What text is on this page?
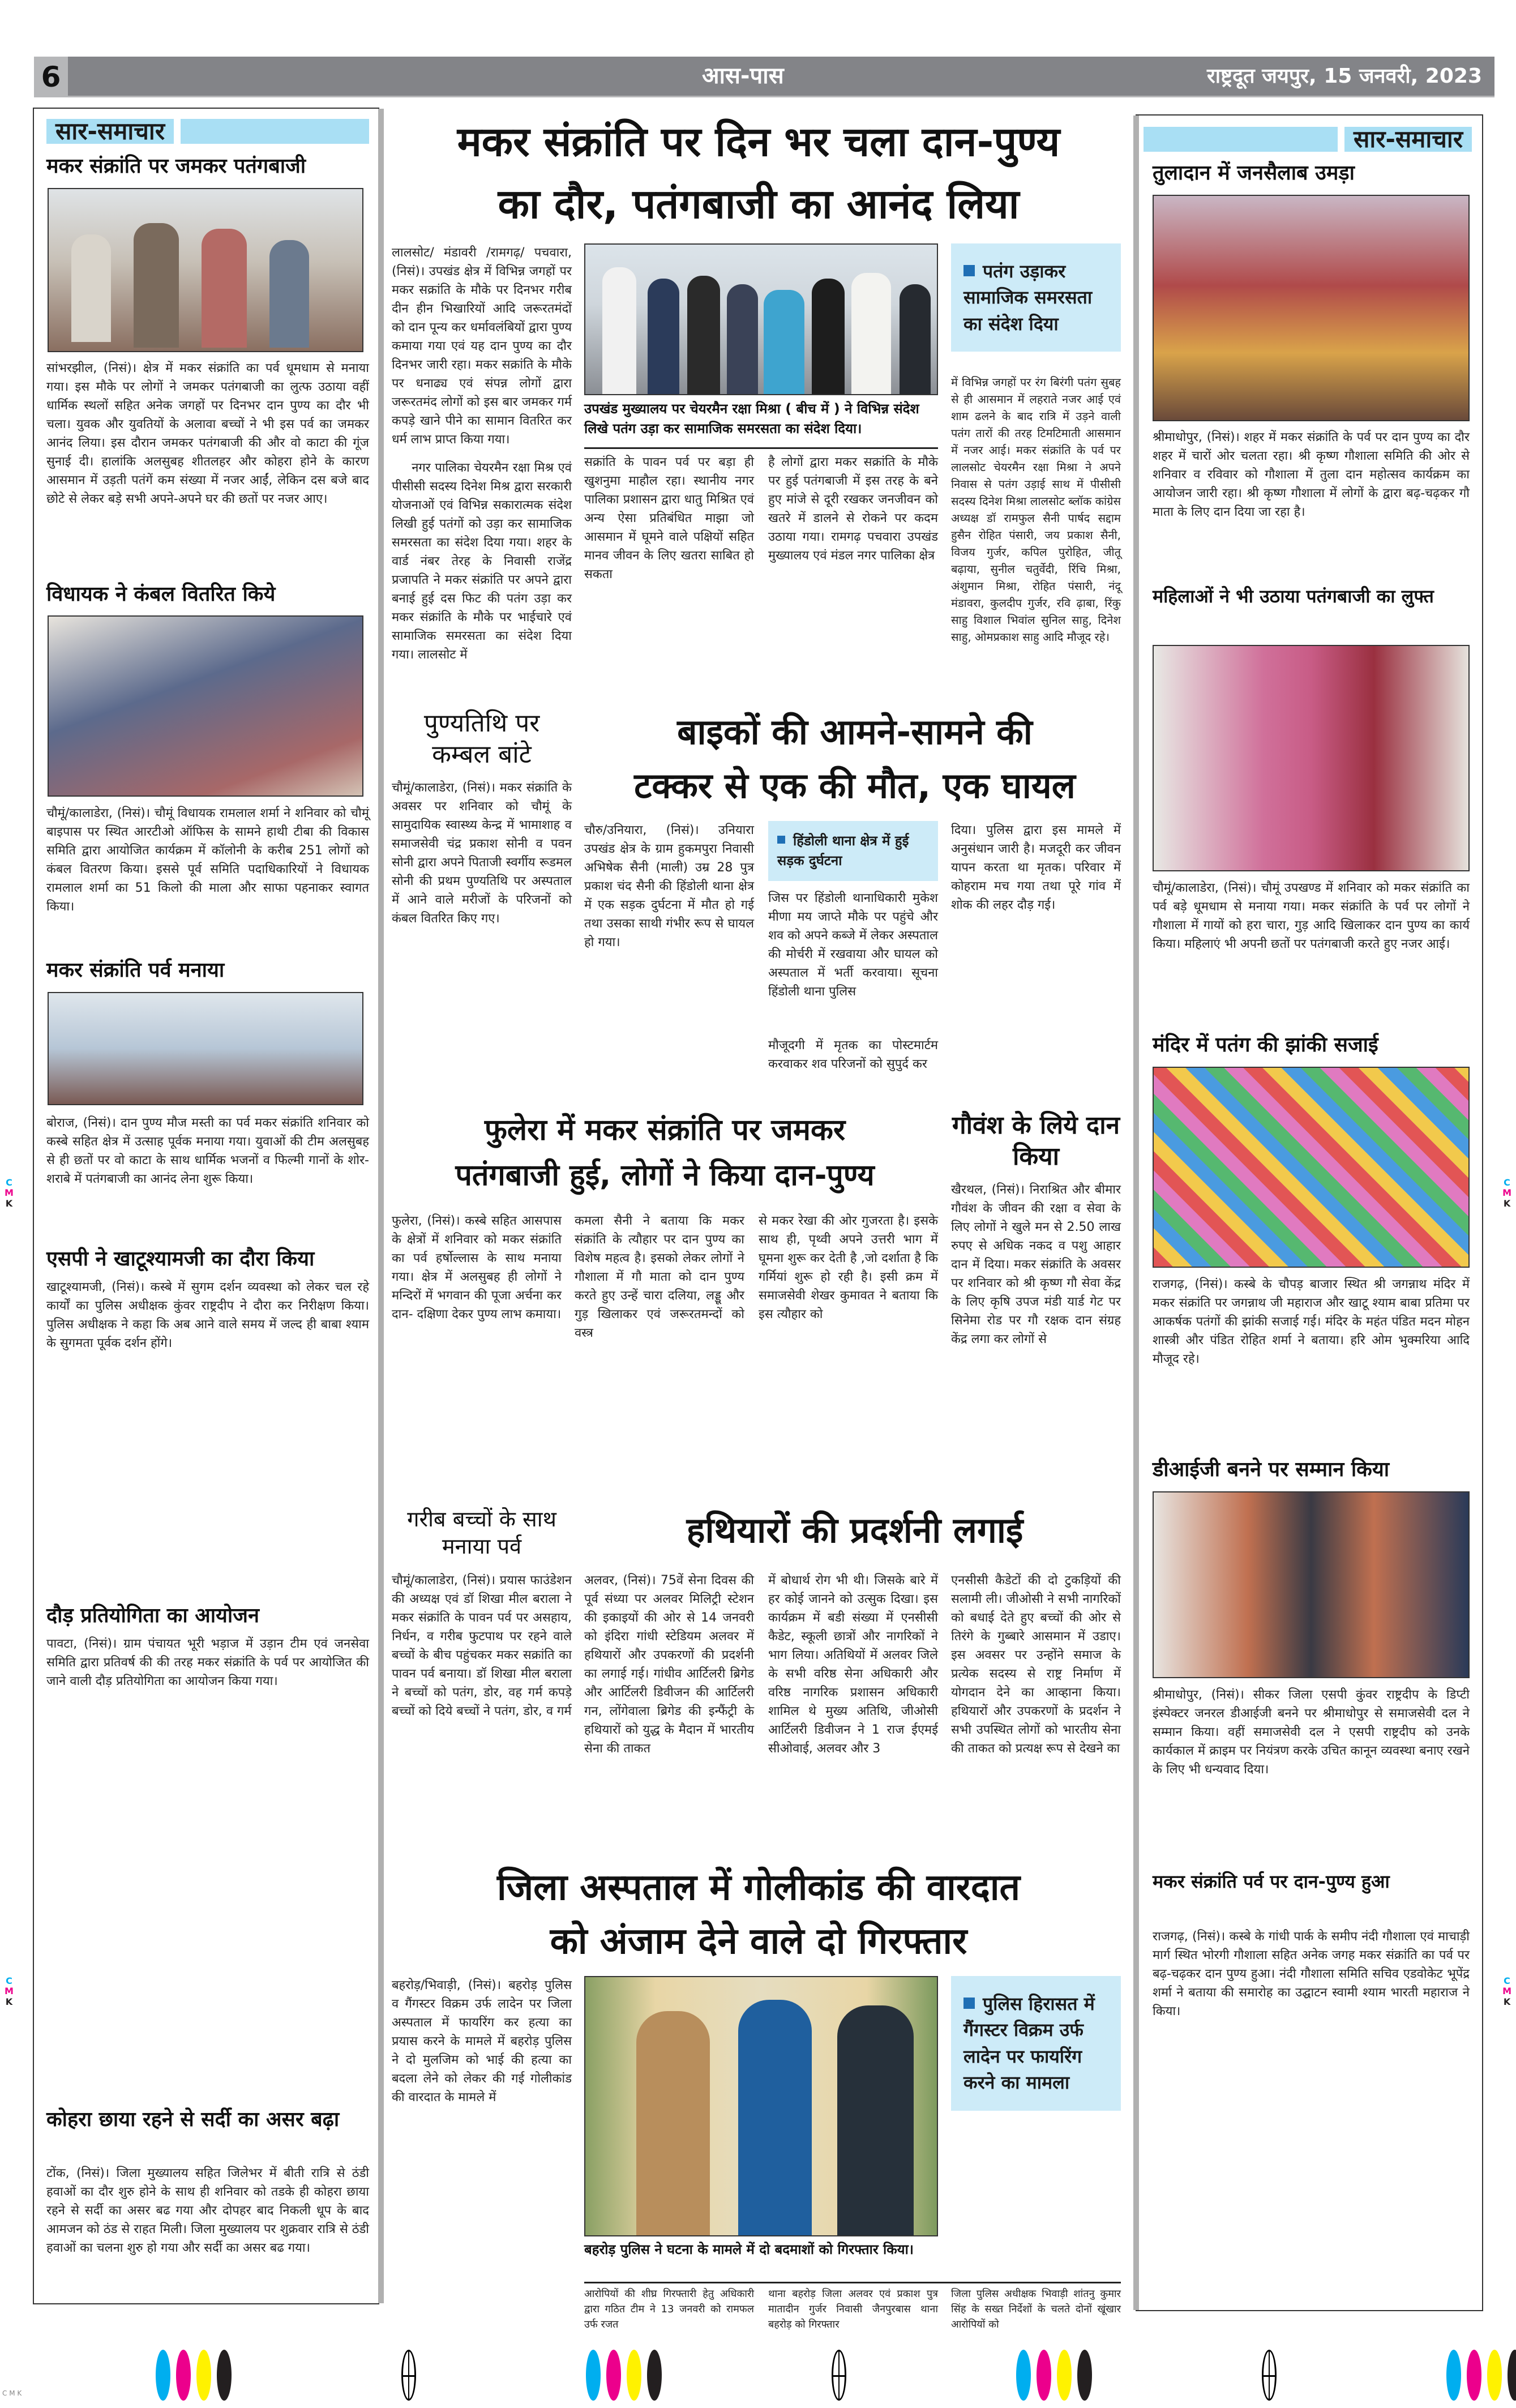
6	आस-पास	राष्ट्रदूत जयपुर, 15 जनवरी, 2023
सार-समाचार
मकर संक्रांति पर जमकर पतंगबाजी
सांभरझील, (निसं)। क्षेत्र में मकर संक्रांति का पर्व धूमधाम से मनाया गया। इस मौके पर लोगों ने जमकर पतंगबाजी का लुत्फ उठाया वहीं धार्मिक स्थलों सहित अनेक जगहों पर दिनभर दान पुण्य का दौर भी चला। युवक और युवतियों के अलावा बच्चों ने भी इस पर्व का जमकर आनंद लिया। इस दौरान जमकर पतंगबाजी की और वो काटा की गूंज सुनाई दी। हालांकि अलसुबह शीतलहर और कोहरा होने के कारण आसमान में उड़ती पतंगें कम संख्या में नजर आईं, लेकिन दस बजे बाद छोटे से लेकर बड़े सभी अपने-अपने घर की छतों पर नजर आए।
विधायक ने कंबल वितरित किये
चौमूं/कालाडेरा, (निसं)। चौमूं विधायक रामलाल शर्मा ने शनिवार को चौमूं बाइपास पर स्थित आरटीओ ऑफिस के सामने हाथी टीबा की विकास समिति द्वारा आयोजित कार्यक्रम में कॉलोनी के करीब 251 लोगों को कंबल वितरण किया। इससे पूर्व समिति पदाधिकारियों ने विधायक रामलाल शर्मा का 51 किलो की माला और साफा पहनाकर स्वागत किया।
मकर संक्रांति पर्व मनाया
बोराज, (निसं)। दान पुण्य मौज मस्ती का पर्व मकर संक्रांति शनिवार को कस्बे सहित क्षेत्र में उत्साह पूर्वक मनाया गया। युवाओं की टीम अलसुबह से ही छतों पर वो काटा के साथ धार्मिक भजनों व फिल्मी गानों के शोर-शराबे में पतंगबाजी का आनंद लेना शुरू किया।
एसपी ने खाटूश्यामजी का दौरा किया
खाटूश्यामजी, (निसं)। कस्बे में सुगम दर्शन व्यवस्था को लेकर चल रहे कार्यों का पुलिस अधीक्षक कुंवर राष्ट्रदीप ने दौरा कर निरीक्षण किया। पुलिस अधीक्षक ने कहा कि अब आने वाले समय में जल्द ही बाबा श्याम के सुगमता पूर्वक दर्शन होंगे।
दौड़ प्रतियोगिता का आयोजन
पावटा, (निसं)। ग्राम पंचायत भूरी भड़ाज में उड़ान टीम एवं जनसेवा समिति द्वारा प्रतिवर्ष की की तरह मकर संक्रांति के पर्व पर आयोजित की जाने वाली दौड़ प्रतियोगिता का आयोजन किया गया।
कोहरा छाया रहने से सर्दी का असर बढ़ा
टोंक, (निसं)। जिला मुख्यालय सहित जिलेभर में बीती रात्रि से ठंडी हवाओं का दौर शुरु होने के साथ ही शनिवार को तडके ही कोहरा छाया रहने से सर्दी का असर बढ गया और दोपहर बाद निकली धूप के बाद आमजन को ठंड से राहत मिली। जिला मुख्यालय पर शुक्रवार रात्रि से ठंडी हवाओं का चलना शुरु हो गया और सर्दी का असर बढ गया।
C
M
K
C
M
K
C
M
K
C
M
K
मकर संक्रांति पर दिन भर चला दान-पुण्य
का दौर, पतंगबाजी का आनंद लिया
लालसोट/ मंडावरी /रामगढ़/ पचवारा, (निसं)। उपखंड क्षेत्र में विभिन्न जगहों पर मकर सक्रांति के मौके पर दिनभर गरीब दीन हीन भिखारियों आदि जरूरतमंदों को दान पून्य कर धर्मावलंबियों द्वारा पुण्य कमाया गया एवं यह दान पुण्य का दौर दिनभर जारी रहा। मकर सक्रांति के मौके पर धनाढ्य एवं संपन्न लोगों द्वारा जरूरतमंद लोगों को इस बार जमकर गर्म कपड़े खाने पीने का सामान वितरित कर धर्म लाभ प्राप्त किया गया।
नगर पालिका चेयरमैन रक्षा मिश्र एवं पीसीसी सदस्य दिनेश मिश्र द्वारा सरकारी योजनाओं एवं विभिन्न सकारात्मक संदेश लिखी हुई पतंगों को उड़ा कर सामाजिक समरसता का संदेश दिया गया। शहर के वार्ड नंबर तेरह के निवासी राजेंद्र प्रजापति ने मकर संक्रांति पर अपने द्वारा बनाई हुई दस फिट की पतंग उड़ा कर मकर संक्रांति के मौके पर भाईचारे एवं सामाजिक समरसता का संदेश दिया गया। लालसोट में
उपखंड मुख्यालय पर चेयरमैन रक्षा मिश्रा ( बीच में ) ने विभिन्न संदेश लिखे पतंग उड़ा कर सामाजिक समरसता का संदेश दिया।
सक्रांति के पावन पर्व पर बड़ा ही खुशनुमा माहौल रहा। स्थानीय नगर पालिका प्रशासन द्वारा धातु मिश्रित एवं अन्य ऐसा प्रतिबंधित माझा जो आसमान में घूमने वाले पक्षियों सहित मानव जीवन के लिए खतरा साबित हो सकता
है लोगों द्वारा मकर सक्रांति के मौके पर हुई पतंगबाजी में इस तरह के बने हुए मांजे से दूरी रखकर जनजीवन को खतरे में डालने से रोकने पर कदम उठाया गया। रामगढ़ पचवारा उपखंड मुख्यालय एवं मंडल नगर पालिका क्षेत्र
पतंग उड़ाकर सामाजिक समरसता का संदेश दिया
में विभिन्न जगहों पर रंग बिरंगी पतंग सुबह से ही आसमान में लहराते नजर आई एवं शाम ढलने के बाद रात्रि में उड़ने वाली पतंग तारों की तरह टिमटिमाती आसमान में नजर आई। मकर संक्रांति के पर्व पर लालसोट चेयरमैन रक्षा मिश्रा ने अपने निवास से पतंग उड़ाई साथ में पीसीसी सदस्य दिनेश मिश्रा लालसोट ब्लॉक कांग्रेस अध्यक्ष डॉ रामफुल सैनी पार्षद सद्दाम हुसैन रोहित पंसारी, जय प्रकाश सैनी, विजय गुर्जर, कपिल पुरोहित, जीतू बढ़ाया, सुनील चतुर्वेदी, रिंचि मिश्रा, अंशुमान मिश्रा, रोहित पंसारी, नंदू मंडावरा, कुलदीप गुर्जर, रवि ढ़ाबा, रिंकु साहु विशाल भिवांल सुनिल साहु, दिनेश साहु, ओमप्रकाश साहु आदि मौजूद रहे।
पुण्यतिथि पर कम्बल बांटे
चौमूं/कालाडेरा, (निसं)। मकर संक्रांति के अवसर पर शनिवार को चौमूं के सामुदायिक स्वास्थ्य केन्द्र में भामाशाह व समाजसेवी चंद्र प्रकाश सोनी व पवन सोनी द्वारा अपने पिताजी स्वर्गीय रूडमल सोनी की प्रथम पुण्यतिथि पर अस्पताल में आने वाले मरीजों के परिजनों को कंबल वितरित किए गए।
बाइकों की आमने-सामने की
टक्कर से एक की मौत, एक घायल
चौरु/उनियारा, (निसं)। उनियारा उपखंड क्षेत्र के ग्राम हुकमपुरा निवासी अभिषेक सैनी (माली) उम्र 28 पुत्र प्रकाश चंद सैनी की हिंडोली थाना क्षेत्र में एक सड़क दुर्घटना में मौत हो गई तथा उसका साथी गंभीर रूप से घायल हो गया।
हिंडोली थाना क्षेत्र में हुई सड़क दुर्घटना
जिस पर हिंडोली थानाधिकारी मुकेश मीणा मय जाप्ते मौके पर पहुंचे और शव को अपने कब्जे में लेकर अस्पताल की मोर्चरी में रखवाया और घायल को अस्पताल में भर्ती करवाया। सूचना हिंडोली थाना पुलिस
मौजूदगी में मृतक का पोस्टमार्टम करवाकर शव परिजनों को सुपुर्द कर
दिया। पुलिस द्वारा इस मामले में अनुसंधान जारी है। मजदूरी कर जीवन यापन करता था मृतक। परिवार में कोहराम मच गया तथा पूरे गांव में शोक की लहर दौड़ गई।
फुलेरा में मकर संक्रांति पर जमकर
पतंगबाजी हुई, लोगों ने किया दान-पुण्य
फुलेरा, (निसं)। कस्बे सहित आसपास के क्षेत्रों में शनिवार को मकर संक्रांति का पर्व हर्षोल्लास के साथ मनाया गया। क्षेत्र में अलसुबह ही लोगों ने मन्दिरों में भगवान की पूजा अर्चना कर दान- दक्षिणा देकर पुण्य लाभ कमाया।
कमला सैनी ने बताया कि मकर संक्रांति के त्यौहार पर दान पुण्य का विशेष महत्व है। इसको लेकर लोगों ने गौशाला में गौ माता को दान पुण्य करते हुए उन्हें चारा दलिया, लड्डू और गुड़ खिलाकर एवं जरूरतमन्दों को वस्त्र
से मकर रेखा की ओर गुजरता है। इसके साथ ही, पृथ्वी अपने उत्तरी भाग में घूमना शुरू कर देती है ,जो दर्शाता है कि गर्मियां शुरू हो रही है। इसी क्रम में समाजसेवी शेखर कुमावत ने बताया कि इस त्यौहार को
गौवंश के लिये दान किया
खैरथल, (निसं)। निराश्रित और बीमार गौवंश के जीवन की रक्षा व सेवा के लिए लोगों ने खुले मन से 2.50 लाख रुपए से अधिक नकद व पशु आहार दान में दिया। मकर संक्रांति के अवसर पर शनिवार को श्री कृष्ण गौ सेवा केंद्र के लिए कृषि उपज मंडी यार्ड गेट पर सिनेमा रोड पर गौ रक्षक दान संग्रह केंद्र लगा कर लोगों से
गरीब बच्चों के साथ मनाया पर्व
चौमूं/कालाडेरा, (निसं)। प्रयास फाउंडेशन की अध्यक्ष एवं डॉ शिखा मील बराला ने मकर संक्रांति के पावन पर्व पर असहाय, निर्धन, व गरीब फुटपाथ पर रहने वाले बच्चों के बीच पहुंचकर मकर सक्रांति का पावन पर्व बनाया। डॉ शिखा मील बराला ने बच्चों को पतंग, डोर, वह गर्म कपड़े बच्चों को दिये बच्चों ने पतंग, डोर, व गर्म
हथियारों की प्रदर्शनी लगाई
अलवर, (निसं)। 75वें सेना दिवस की पूर्व संध्या पर अलवर मिलिट्री स्टेशन की इकाइयों की ओर से 14 जनवरी को इंदिरा गांधी स्टेडियम अलवर में हथियारों और उपकरणों की प्रदर्शनी का लगाई गई। गांधीव आर्टिलरी ब्रिगेड और आर्टिलरी डिवीजन की आर्टिलरी गन, लोंगेवाला ब्रिगेड की इन्फैंट्री के हथियारों को युद्ध के मैदान में भारतीय सेना की ताकत
में बोधार्थ रोग भी थी। जिसके बारे में हर कोई जानने को उत्सुक दिखा। इस कार्यक्रम में बडी संख्या में एनसीसी कैडेट, स्कूली छात्रों और नागरिकों ने भाग लिया। अतिथियों में अलवर जिले के सभी वरिष्ठ सेना अधिकारी और वरिष्ठ नागरिक प्रशासन अधिकारी शामिल थे मुख्य अतिथि, जीओसी आर्टिलरी डिवीजन ने 1 राज ईएमई सीओवाई, अलवर और 3
एनसीसी कैडेटों की दो टुकड़ियों की सलामी ली। जीओसी ने सभी नागरिकों को बधाई देते हुए बच्चों की ओर से तिरंगे के गुब्बारे आसमान में उडाए। इस अवसर पर उन्होंने समाज के प्रत्येक सदस्य से राष्ट्र निर्माण में योगदान देने का आव्हाना किया। हथियारों और उपकरणों के प्रदर्शन ने सभी उपस्थित लोगों को भारतीय सेना की ताकत को प्रत्यक्ष रूप से देखने का
जिला अस्पताल में गोलीकांड की वारदात
को अंजाम देने वाले दो गिरफ्तार
बहरोड़/भिवाड़ी, (निसं)। बहरोड़ पुलिस व गैंगस्टर विक्रम उर्फ लादेन पर जिला अस्पताल में फायरिंग कर हत्या का प्रयास करने के मामले में बहरोड़ पुलिस ने दो मुलजिम को भाई की हत्या का बदला लेने को लेकर की गई गोलीकांड की वारदात के मामले में
बहरोड़ पुलिस ने घटना के मामले में दो बदमाशों को गिरफ्तार किया।
पुलिस हिरासत में गैंगस्टर विक्रम उर्फ लादेन पर फायरिंग करने का मामला
आरोपियों की शीघ्र गिरफ्तारी हेतु अधिकारी द्वारा गठित टीम ने 13 जनवरी को रामफल उर्फ रजत
थाना बहरोड़ जिला अलवर एवं प्रकाश पुत्र मातादीन गुर्जर निवासी जैनपुरबास थाना बहरोड़ को गिरफ्तार
जिला पुलिस अधीक्षक भिवाड़ी शांतनु कुमार सिंह के सख्त निर्देशों के चलते दोनों खूंखार आरोपियों को
सार-समाचार
तुलादान में जनसैलाब उमड़ा
श्रीमाधोपुर, (निसं)। शहर में मकर संक्रांति के पर्व पर दान पुण्य का दौर शहर में चारों ओर चलता रहा। श्री कृष्ण गौशाला समिति की ओर से शनिवार व रविवार को गौशाला में तुला दान महोत्सव कार्यक्रम का आयोजन जारी रहा। श्री कृष्ण गौशाला में लोगों के द्वारा बढ़-चढ़कर गौ माता के लिए दान दिया जा रहा है।
महिलाओं ने भी उठाया पतंगबाजी का लुफ्त
चौमूं/कालाडेरा, (निसं)। चौमूं उपखण्ड में शनिवार को मकर संक्रांति का पर्व बड़े धूमधाम से मनाया गया। मकर संक्रांति के पर्व पर लोगों ने गौशाला में गायों को हरा चारा, गुड़ आदि खिलाकर दान पुण्य का कार्य किया। महिलाएं भी अपनी छतों पर पतंगबाजी करते हुए नजर आई।
मंदिर में पतंग की झांकी सजाई
राजगढ़, (निसं)। कस्बे के चौपड़ बाजार स्थित श्री जगन्नाथ मंदिर में मकर संक्रांति पर जगन्नाथ जी महाराज और खाटू श्याम बाबा प्रतिमा पर आकर्षक पतंगों की झांकी सजाई गई। मंदिर के महंत पंडित मदन मोहन शास्त्री और पंडित रोहित शर्मा ने बताया। हरि ओम भुक्मरिया आदि मौजूद रहे।
डीआईजी बनने पर सम्मान किया
श्रीमाधोपुर, (निसं)। सीकर जिला एसपी कुंवर राष्ट्रदीप के डिप्टी इंस्पेक्टर जनरल डीआईजी बनने पर श्रीमाधोपुर से समाजसेवी दल ने सम्मान किया। वहीं समाजसेवी दल ने एसपी राष्ट्रदीप को उनके कार्यकाल में क्राइम पर नियंत्रण करके उचित कानून व्यवस्था बनाए रखने के लिए भी धन्यवाद दिया।
मकर संक्रांति पर्व पर दान-पुण्य हुआ
राजगढ़, (निसं)। कस्बे के गांधी पार्क के समीप नंदी गौशाला एवं माचाड़ी मार्ग स्थित भोरगी गौशाला सहित अनेक जगह मकर संक्रांति का पर्व पर बढ़-चढ़कर दान पुण्य हुआ। नंदी गौशाला समिति सचिव एडवोकेट भूपेंद्र शर्मा ने बताया की समारोह का उद्घाटन स्वामी श्याम भारती महाराज ने किया।
C M K
